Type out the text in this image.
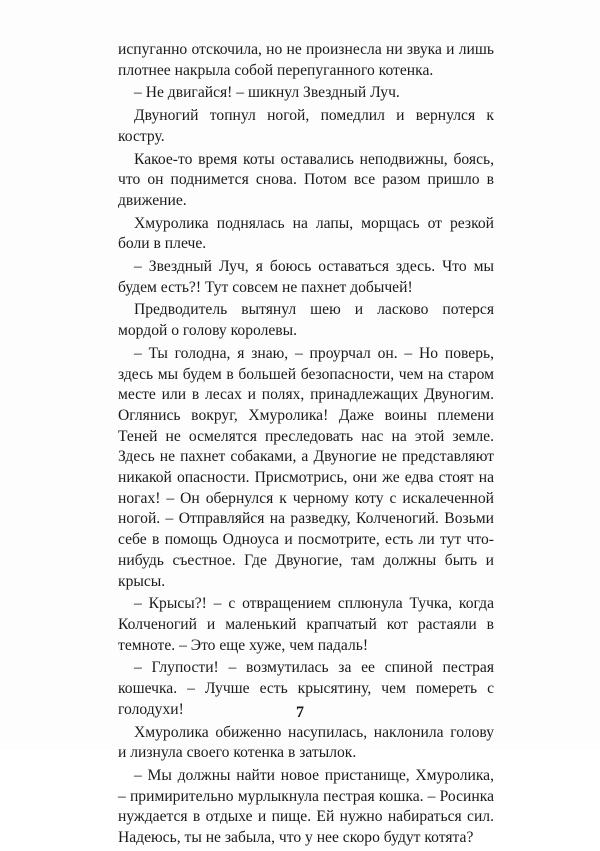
испуганно отскочила, но не произнесла ни звука и лишь плотнее накрыла собой перепуганного котенка.

– Не двигайся! – шикнул Звездный Луч.

Двуногий топнул ногой, помедлил и вернулся к костру.

Какое-то время коты оставались неподвижны, боясь, что он поднимется снова. Потом все разом пришло в движение.

Хмуролика поднялась на лапы, морщась от резкой боли в плече.

– Звездный Луч, я боюсь оставаться здесь. Что мы будем есть?! Тут совсем не пахнет добычей!

Предводитель вытянул шею и ласково потерся мордой о голову королевы.

– Ты голодна, я знаю, – проурчал он. – Но поверь, здесь мы будем в большей безопасности, чем на старом месте или в лесах и полях, принадлежащих Двуногим. Оглянись вокруг, Хмуролика! Даже воины племени Теней не осмелятся преследовать нас на этой земле. Здесь не пахнет собаками, а Двуногие не представляют никакой опасности. Присмотрись, они же едва стоят на ногах! – Он обернулся к черному коту с искалеченной ногой. – Отправляйся на разведку, Колченогий. Возьми себе в помощь Одноуса и посмотрите, есть ли тут что-нибудь съестное. Где Двуногие, там должны быть и крысы.

– Крысы?! – с отвращением сплюнула Тучка, когда Колченогий и маленький крапчатый кот растаяли в темноте. – Это еще хуже, чем падаль!

– Глупости! – возмутилась за ее спиной пестрая кошечка. – Лучше есть крысятину, чем помереть с голодухи!

Хмуролика обиженно насупилась, наклонила голову и лизнула своего котенка в затылок.

– Мы должны найти новое пристанище, Хмуролика, – примирительно мурлыкнула пестрая кошка. – Росинка нуждается в отдыхе и пище. Ей нужно набираться сил. Надеюсь, ты не забыла, что у нее скоро будут котята?

7
